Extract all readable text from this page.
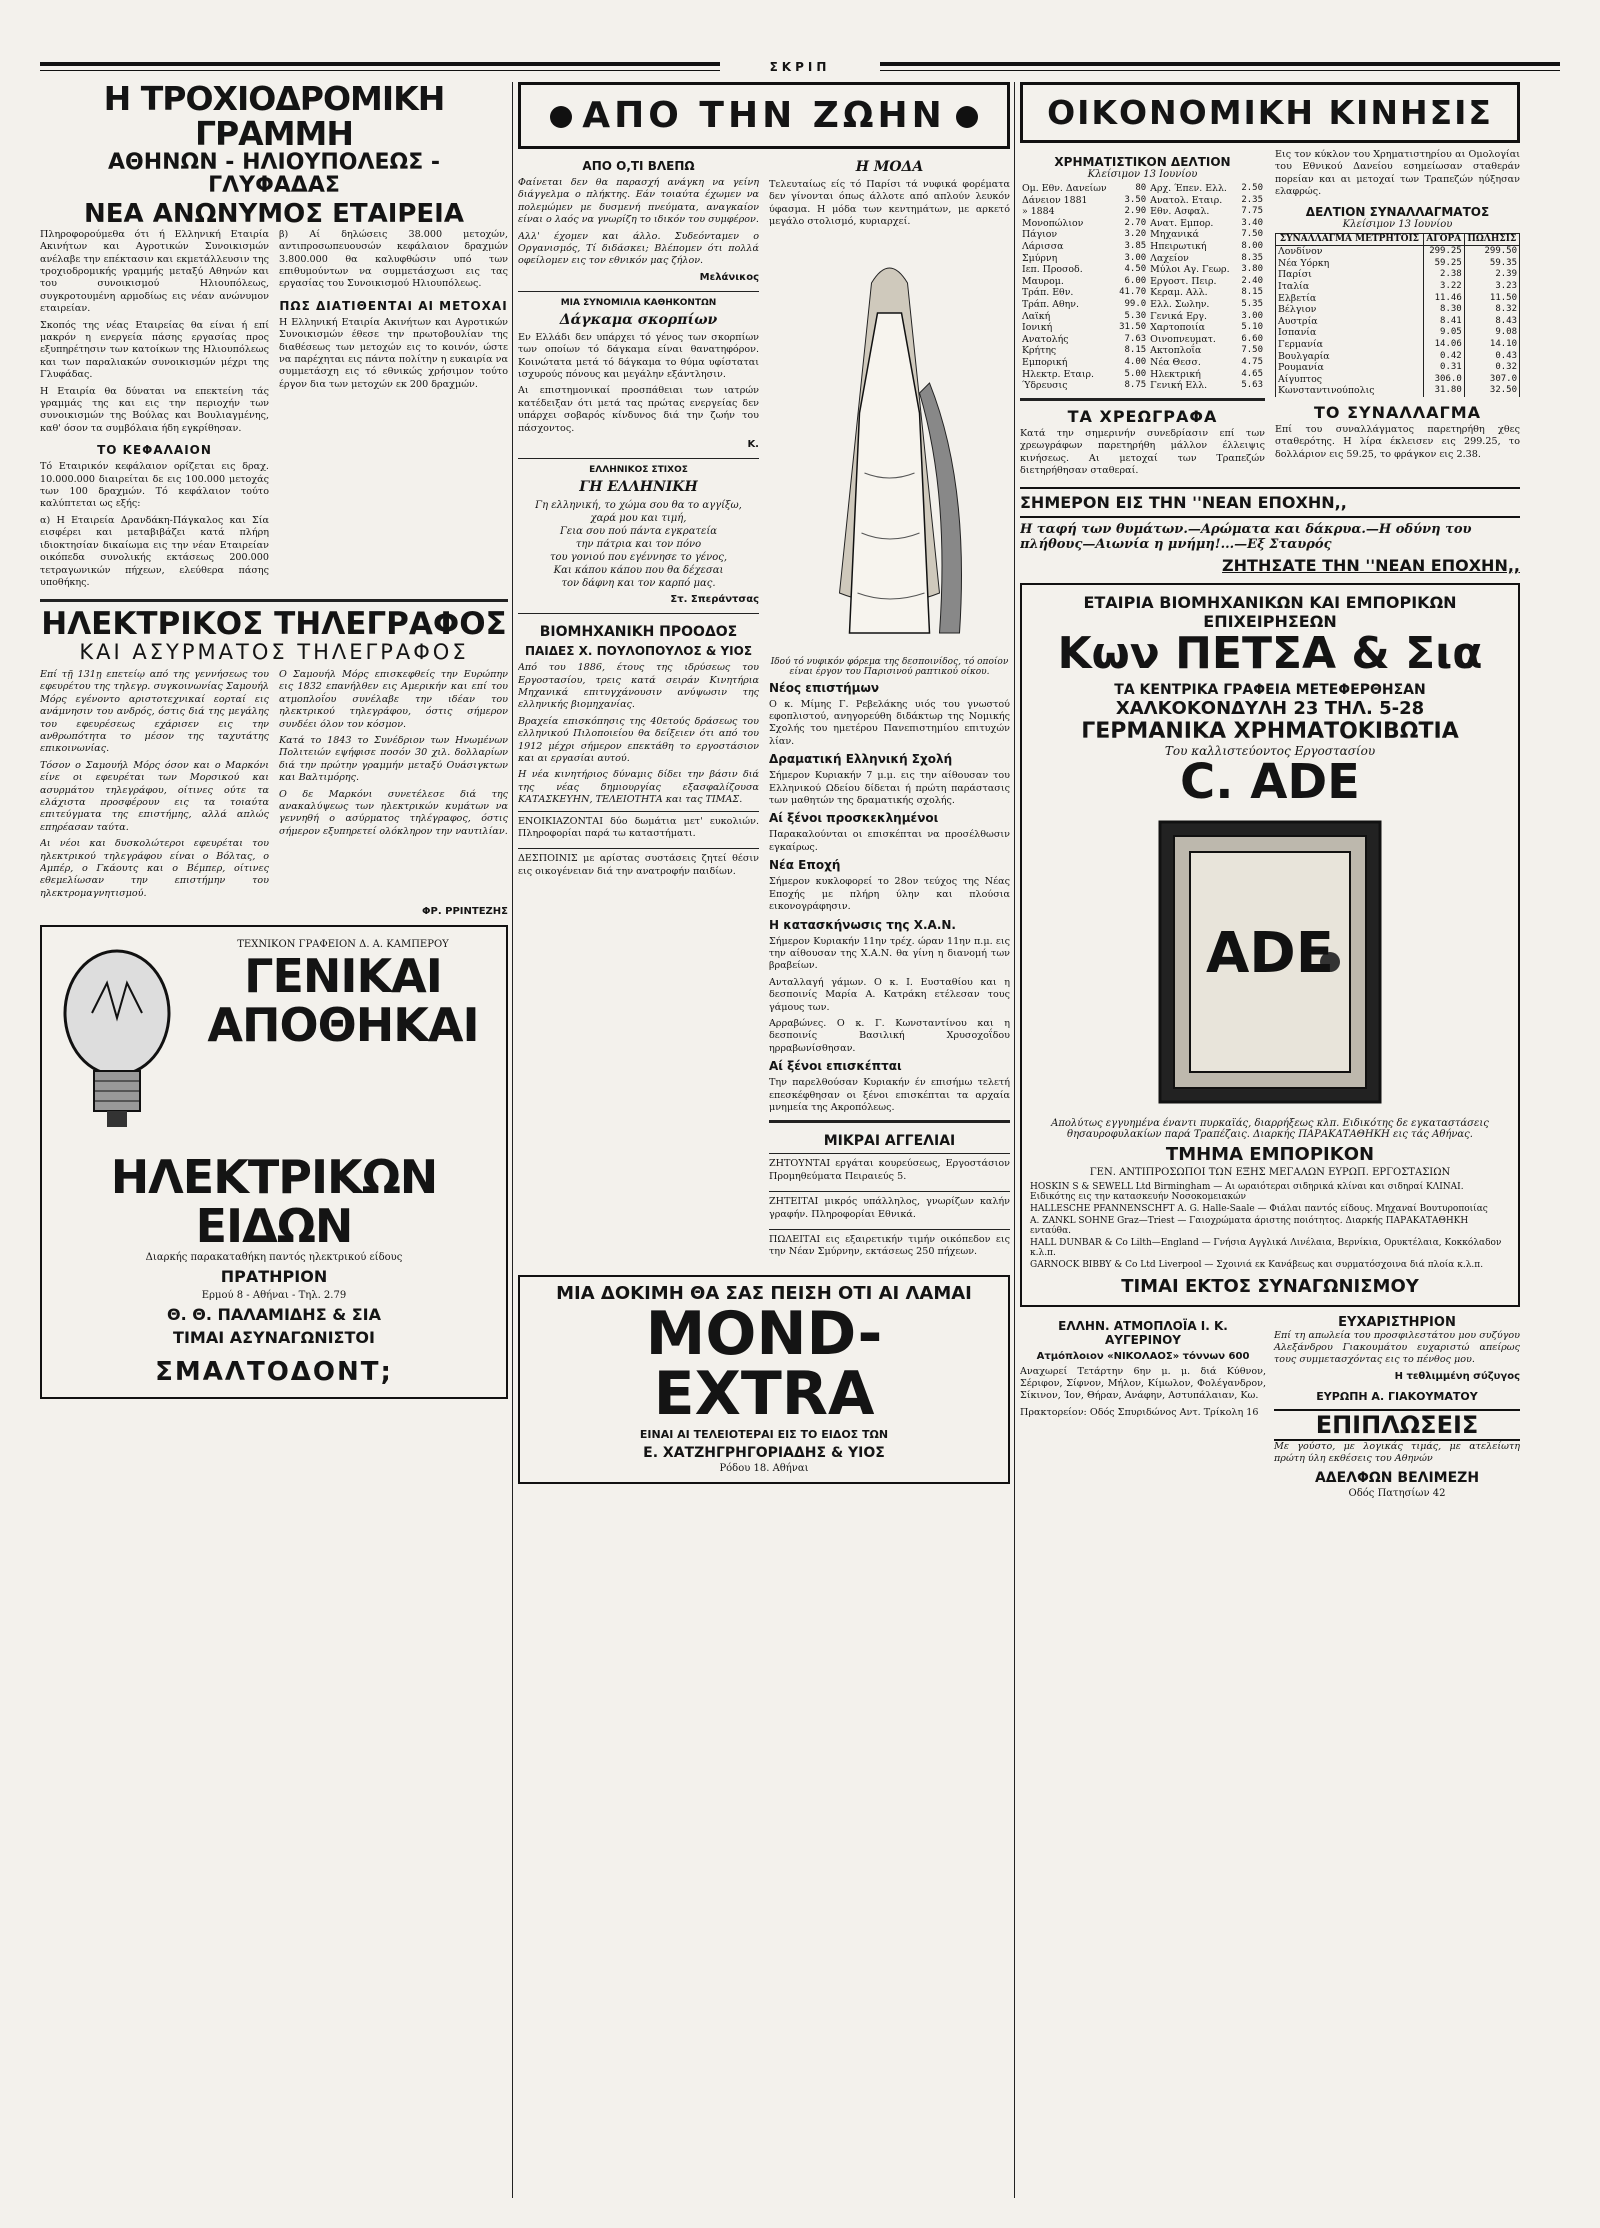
ΣΚΡΙΠ
Η ΤΡΟΧΙΟΔΡΟΜΙΚΗ ΓΡΑΜΜΗ
ΑΘΗΝΩΝ - ΗΛΙΟΥΠΟΛΕΩΣ - ΓΛΥΦΑΔΑΣ
ΝΕΑ ΑΝΩΝΥΜΟΣ ΕΤΑΙΡΕΙΑ

Πληροφορούμεθα ότι ή Ελληνική Εταιρία Ακινήτων και Αγροτικών Συνοικισμών ανέλαβε την επέκτασιν και εκμετάλλευσιν της τροχιοδρομικής γραμμής μεταξύ Αθηνών και του συνοικισμού Ηλιουπόλεως, συγκροτουμένη αρμοδίως εις νέαν ανώνυμον εταιρείαν.

Σκοπός της νέας Εταιρείας θα είναι ή επί μακρόν η ενεργεία πάσης εργασίας προς εξυπηρέτησιν των κατοίκων της Ηλιουπόλεως και των παραλιακών συνοικισμών μέχρι της Γλυφάδας.

Η Εταιρία θα δύναται να επεκτείνη τάς γραμμάς της και εις την περιοχήν των συνοικισμών της Βούλας και Βουλιαγμένης, καθ' όσον τα συμβόλαια ήδη εγκρίθησαν.

ΤΟ ΚΕΦΑΛΑΙΟΝ

Τό Εταιρικόν κεφάλαιον ορίζεται εις δραχ. 10.000.000 διαιρείται δε εις 100.000 μετοχάς των 100 δραχμών. Τό κεφάλαιον τούτο καλύπτεται ως εξής:

α) Η Εταιρεία Δρανδάκη-Πάγκαλος και Σία εισφέρει και μεταβιβάζει κατά πλήρη ιδιοκτησίαν δικαίωμα εις την νέαν Εταιρείαν οικόπεδα συνολικής εκτάσεως 200.000 τετραγωνικών πήχεων, ελεύθερα πάσης υποθήκης.

β) Αί δηλώσεις 38.000 μετοχών, αντιπροσωπευουσών κεφάλαιον δραχμών 3.800.000 θα καλυφθώσιν υπό των επιθυμούντων να συμμετάσχωσι εις τας εργασίας του Συνοικισμού Ηλιουπόλεως.

ΠΩΣ ΔΙΑΤΙΘΕΝΤΑΙ ΑΙ ΜΕΤΟΧΑΙ

Η Ελληνική Εταιρία Ακινήτων και Αγροτικών Συνοικισμών έθεσε την πρωτοβουλίαν της διαθέσεως των μετοχών εις το κοινόν, ώστε να παρέχηται εις πάντα πολίτην η ευκαιρία να συμμετάσχη εις τό εθνικώς χρήσιμον τούτο έργον δια των μετοχών εκ 200 δραχμών.

ΗΛΕΚΤΡΙΚΟΣ ΤΗΛΕΓΡΑΦΟΣ
ΚΑΙ ΑΣΥΡΜΑΤΟΣ ΤΗΛΕΓΡΑΦΟΣ

Επί τῇ 131ῃ επετείῳ από της γεννήσεως του εφευρέτου της τηλεγρ. συγκοινωνίας Σαμουήλ Μόρς εγένοντο αριστοτεχνικαί εορταί εις ανάμνησιν του ανδρός, όστις διά της μεγάλης του εφευρέσεως εχάρισεν εις την ανθρωπότητα το μέσον της ταχυτάτης επικοινωνίας.

Τόσον ο Σαμουήλ Μόρς όσον και ο Μαρκόνι είνε οι εφευρέται των Μορσικού και ασυρμάτου τηλεγράφου, οίτινες ούτε τα ελάχιστα προσφέρουν εις τα τοιαύτα επιτεύγματα της επιστήμης, αλλά απλώς επηρέασαν ταύτα.

Αι νέοι και δυσκολώτεροι εφευρέται του ηλεκτρικού τηλεγράφου είναι ο Βόλτας, ο Αμπέρ, ο Γκάουτς και ο Βέμπερ, οίτινες εθεμελίωσαν την επιστήμην του ηλεκτρομαγνητισμού.

Ο Σαμουήλ Μόρς επισκεφθείς την Ευρώπην εις 1832 επανήλθεν εις Αμερικήν και επί του ατμοπλοΐου συνέλαβε την ιδέαν του ηλεκτρικού τηλεγράφου, όστις σήμερον συνδέει όλον τον κόσμον.

Κατά το 1843 το Συνέδριον των Ηνωμένων Πολιτειών εψήφισε ποσόν 30 χιλ. δολλαρίων διά την πρώτην γραμμήν μεταξύ Ουάσιγκτων και Βαλτιμόρης.

Ο δε Μαρκόνι συνετέλεσε διά της ανακαλύψεως των ηλεκτρικών κυμάτων να γεννηθή ο ασύρματος τηλέγραφος, όστις σήμερον εξυπηρετεί ολόκληρον την ναυτιλίαν.

ΦΡ. ΡΡΙΝΤΕΖΗΣ
ΤΕΧΝΙΚΟΝ ΓΡΑΦΕΙΟΝ Δ. Α. ΚΑΜΠΕΡΟΥ
ΓΕΝΙΚΑΙ ΑΠΟΘΗΚΑΙ
ΗΛΕΚΤΡΙΚΩΝ ΕΙΔΩΝ
Διαρκής παρακαταθήκη παντός ηλεκτρικού είδους
ΠΡΑΤΗΡΙΟΝ
Ερμού 8 - Αθήναι - Τηλ. 2.79
Θ. Θ. ΠΑΛΑΜΙΔΗΣ & ΣΙΑ
ΤΙΜΑΙ ΑΣΥΝΑΓΩΝΙΣΤΟΙ
ΣΜΑΛΤΟΔΟΝΤ;
ΑΠΟ ΤΗΝ ΖΩΗΝ
ΑΠΟ Ο,ΤΙ ΒΛΕΠΩ

Φαίνεται δεν θα παρασχή ανάγκη να γείνη διάγγελμα ο πλήκτης. Εάν τοιαύτα έχωμεν να πολεμώμεν με δυσμενή πνεύματα, αναγκαίον είναι ο λαός να γνωρίζη το ιδικόν του συμφέρον.

Αλλ' έχομεν και άλλο. Συδεόνταμεν ο Οργανισμός, Τί διδάσκει; Βλέπομεν ότι πολλά οφείλομεν εις τον εθνικόν μας ζήλον.

Μελάνικος
ΜΙΑ ΣΥΝΟΜΙΛΙΑ ΚΑΘΗΚΟΝΤΩΝ
Δάγκαμα σκορπίων

Εν Ελλάδι δεν υπάρχει τό γένος των σκορπίων των οποίων τό δάγκαμα είναι θανατηφόρον. Κοινώτατα μετά τό δάγκαμα το θύμα υφίσταται ισχυρούς πόνους και μεγάλην εξάντλησιν.

Αι επιστημονικαί προσπάθειαι των ιατρών κατέδειξαν ότι μετά τας πρώτας ενεργείας δεν υπάρχει σοβαρός κίνδυνος διά την ζωήν του πάσχοντος.

Κ.
ΕΛΛΗΝΙΚΟΣ ΣΤΙΧΟΣ
ΓΗ ΕΛΛΗΝΙΚΗ
Γη ελληνική, το χώμα σου θα το αγγίξω,
χαρά μου και τιμή,
Γεια σου πού πάντα εγκρατεία
την πάτρια και τον πόνο
του γονιού που εγέννησε το γένος,
Και κάπου κάπου που θα δέχεσαι
τον δάφνη και τον καρπό μας.
Στ. Σπεράντσας
ΒΙΟΜΗΧΑΝΙΚΗ ΠΡΟΟΔΟΣ
ΠΑΙΔΕΣ Χ. ΠΟΥΛΟΠΟΥΛΟΣ & ΥΙΟΣ

Από του 1886, έτους της ιδρύσεως του Εργοστασίου, τρεις κατά σειράν Κινητήρια Μηχανικά επιτυγχάνουσιν ανύψωσιν της ελληνικής βιομηχανίας.

Βραχεία επισκόπησις της 40ετούς δράσεως του ελληνικού Πιλοποιείου θα δείξειεν ότι από του 1912 μέχρι σήμερον επεκτάθη το εργοστάσιον και αι εργασίαι αυτού.

Η νέα κινητήριος δύναμις δίδει την βάσιν διά της νέας δημιουργίας εξασφαλίζουσα ΚΑΤΑΣΚΕΥΗΝ, ΤΕΛΕΙΟΤΗΤΑ και τας ΤΙΜΑΣ.

ΕΝΟΙΚΙΑΖΟΝΤΑΙ δύο δωμάτια μετ' ευκολιών. Πληροφορίαι παρά τω καταστήματι.

ΔΕΣΠΟΙΝΙΣ με αρίστας συστάσεις ζητεί θέσιν εις οικογένειαν διά την ανατροφήν παιδίων.

Η ΜΟΔΑ

Τελευταίως είς τό Παρίσι τά νυφικά φορέματα δεν γίνονται όπως άλλοτε από απλούν λευκόν ύφασμα. Η μόδα των κεντημάτων, με αρκετό μεγάλο στολισμό, κυριαρχεί.

Ιδού τό νυφικόν φόρεμα της δεσποινίδος, τό οποίον είναι έργον του Παρισινού ραπτικού οίκου.
Νέος επιστήμων

Ο κ. Μίμης Γ. Ρεβελάκης υιός του γνωστού εφοπλιστού, ανηγορεύθη διδάκτωρ της Νομικής Σχολής του ημετέρου Πανεπιστημίου επιτυχών λίαν.

Δραματική Ελληνική Σχολή

Σήμερον Κυριακήν 7 μ.μ. εις την αίθουσαν του Ελληνικού Ωδείου δίδεται ή πρώτη παράστασις των μαθητών της δραματικής σχολής.

Αί ξένοι προσκεκλημένοι

Παρακαλούνται οι επισκέπται να προσέλθωσιν εγκαίρως.

Νέα Εποχή

Σήμερον κυκλοφορεί το 28ον τεύχος της Νέας Εποχής με πλήρη ύλην και πλούσια εικονογράφησιν.

Η κατασκήνωσις της Χ.Α.Ν.

Σήμερον Κυριακήν 11ην τρέχ. ώραν 11ην π.μ. εις την αίθουσαν της Χ.Α.Ν. θα γίνη η διανομή των βραβείων.

Ανταλλαγή γάμων. Ο κ. Ι. Ευσταθίου και η δεσποινίς Μαρία Α. Κατράκη ετέλεσαν τους γάμους των.

Αρραβώνες. Ο κ. Γ. Κωνσταντίνου και η δεσποινίς Βασιλική Χρυσοχοΐδου ηρραβωνίσθησαν.

Αί ξένοι επισκέπται

Την παρελθούσαν Κυριακήν έν επισήμω τελετή επεσκέφθησαν οι ξένοι επισκέπται τα αρχαία μνημεία της Ακροπόλεως.

ΜΙΚΡΑΙ ΑΓΓΕΛΙΑΙ

ΖΗΤΟΥΝΤΑΙ εργάται κουρεύσεως, Εργοστάσιον Προμηθεύματα Πειραιεύς 5.

ΖΗΤΕΙΤΑΙ μικρός υπάλληλος, γνωρίζων καλήν γραφήν. Πληροφορίαι Εθνικά.

ΠΩΛΕΙΤΑΙ εις εξαιρετικήν τιμήν οικόπεδον εις την Νέαν Σμύρνην, εκτάσεως 250 πήχεων.

ΜΙΑ ΔΟΚΙΜΗ ΘΑ ΣΑΣ ΠΕΙΣΗ ΟΤΙ ΑΙ ΛΑΜΑΙ
MOND-
EXTRA
ΕΙΝΑΙ ΑΙ ΤΕΛΕΙΟΤΕΡΑΙ ΕΙΣ ΤΟ ΕΙΔΟΣ ΤΩΝ
Ε. ΧΑΤΖΗΓΡΗΓΟΡΙΑΔΗΣ & ΥΙΟΣ
Ρόδου 18. Αθήναι
ΟΙΚΟΝΟΜΙΚΗ ΚΙΝΗΣΙΣ
ΧΡΗΜΑΤΙΣΤΙΚΟΝ ΔΕΛΤΙΟΝ
Κλείσιμον 13 Ιουνίου
Ομ. Εθν. Δανείων	80	Αρχ. Έπεν. Ελλ.	2.50
Δάνειον 1881	3.50	Ανατολ. Εταιρ.	2.35
» 1884	2.90	Εθν. Ασφαλ.	7.75
Μονοπώλιον	2.70	Ανατ. Εμπορ.	3.40
Πάγιον	3.20	Μηχανικά	7.50
Λάρισσα	3.85	Ηπειρωτική	8.00
Σμύρνη	3.00	Λαχείον	8.35
Ιεπ. Προσοδ.	4.50	Μύλοι Αγ. Γεωρ.	3.80
Μαυρομ.	6.00	Εργοστ. Πειρ.	2.40
Τράπ. Εθν.	41.70	Κεραμ. Αλλ.	8.15
Τράπ. Αθην.	99.0	Ελλ. Σωλην.	5.35
Λαϊκή	5.30	Γενικά Εργ.	3.00
Ιονική	31.50	Χαρτοποιία	5.10
Ανατολής	7.63	Οινοπνευματ.	6.60
Κρήτης	8.15	Ακτοπλοΐα	7.50
Εμπορική	4.00	Νέα Θεσσ.	4.75
Ηλεκτρ. Εταιρ.	5.00	Ηλεκτρική	4.65
Ύδρευσις	8.75	Γενική Ελλ.	5.63
ΤΑ ΧΡΕΩΓΡΑΦΑ

Κατά την σημερινήν συνεδρίασιν επί των χρεωγράφων παρετηρήθη μάλλον έλλειψις κινήσεως. Αι μετοχαί των Τραπεζών διετηρήθησαν σταθεραί.

Εις τον κύκλον του Χρηματιστηρίου αι Ομολογίαι του Εθνικού Δανείου εσημείωσαν σταθεράν πορείαν και αι μετοχαί των Τραπεζών ηύξησαν ελαφρώς.

ΔΕΛΤΙΟΝ ΣΥΝΑΛΛΑΓΜΑΤΟΣ
Κλείσιμον 13 Ιουνίου
ΣΥΝΑΛΛΑΓΜΑ ΜΕΤΡΗΤΟΙΣ	ΑΓΟΡΑ	ΠΩΛΗΣΙΣ
Λονδίνον	299.25	299.50
Νέα Υόρκη	59.25	59.35
Παρίσι	2.38	2.39
Ιταλία	3.22	3.23
Ελβετία	11.46	11.50
Βέλγιον	8.30	8.32
Αυστρία	8.41	8.43
Ισπανία	9.05	9.08
Γερμανία	14.06	14.10
Βουλγαρία	0.42	0.43
Ρουμανία	0.31	0.32
Αίγυπτος	306.0	307.0
Κωνσταντινούπολις	31.80	32.50
ΤΟ ΣΥΝΑΛΛΑΓΜΑ

Επί του συναλλάγματος παρετηρήθη χθες σταθερότης. Η λίρα έκλεισεν εις 299.25, το δολλάριον εις 59.25, το φράγκον εις 2.38.

ΣΗΜΕΡΟΝ ΕΙΣ ΤΗΝ ''ΝΕΑΝ ΕΠΟΧΗΝ,,
Η ταφή των θυμάτων.—Αρώματα και δάκρυα.—Η οδύνη του πλήθους—Αιωνία η μνήμη!...—Εξ Σταυρός
ΖΗΤΗΣΑΤΕ ΤΗΝ ''ΝΕΑΝ ΕΠΟΧΗΝ,,
ΕΤΑΙΡΙΑ ΒΙΟΜΗΧΑΝΙΚΩΝ ΚΑΙ ΕΜΠΟΡΙΚΩΝ ΕΠΙΧΕΙΡΗΣΕΩΝ
Κων ΠΕΤΣΑ & Σια
ΤΑ ΚΕΝΤΡΙΚΑ ΓΡΑΦΕΙΑ ΜΕΤΕΦΕΡΘΗΣΑΝ
ΧΑΛΚΟΚΟΝΔΥΛΗ 23 ΤΗΛ. 5-28
ΓΕΡΜΑΝΙΚΑ ΧΡΗΜΑΤΟΚΙΒΩΤΙΑ
Του καλλιστεύοντος Εργοστασίου
C. ADE
ADE
Απολύτως εγγυημένα έναντι πυρκαϊάς, διαρρήξεως κλπ. Ειδικότης δε εγκαταστάσεις θησαυροφυλακίων παρά Τραπέζαις. Διαρκής ΠΑΡΑΚΑΤΑΘΗΚΗ εις τάς Αθήνας.
ΤΜΗΜΑ ΕΜΠΟΡΙΚΟΝ
ΓΕΝ. ΑΝΤΙΠΡΟΣΩΠΟΙ ΤΩΝ ΕΞΗΣ ΜΕΓΑΛΩΝ ΕΥΡΩΠ. ΕΡΓΟΣΤΑΣΙΩΝ
HOSKIN S & SEWELL Ltd Birmingham — Αι ωραιότεραι σιδηρικά κλίναι και σιδηραί ΚΛΙΝΑΙ. Ειδικότης εις την κατασκευήν Νοσοκομειακών
HALLESCHE PFANNENSCHFT A. G. Halle-Saale — Φιάλαι παντός είδους. Μηχαναί Βουτυροποιίας
A. ZANKL SOHNE Graz—Triest — Γαιοχρώματα άριστης ποιότητος. Διαρκής ΠΑΡΑΚΑΤΑΘΗΚΗ ενταύθα.
HALL DUNBAR & Co Lilth—England — Γνήσια Αγγλικά Λινέλαια, Βερνίκια, Ορυκτέλαια, Κοκκόλαδον κ.λ.π.
GARNOCK BIBBY & Co Ltd Liverpool — Σχοινιά εκ Κανάβεως και συρματόσχοινα διά πλοία κ.λ.π.
ΤΙΜΑΙ ΕΚΤΟΣ ΣΥΝΑΓΩΝΙΣΜΟΥ
ΕΛΛΗΝ. ΑΤΜΟΠΛΟΪΑ Ι. Κ. ΑΥΓΕΡΙΝΟΥ
Ατμόπλοιον «ΝΙΚΟΛΑΟΣ» τόννων 600

Αναχωρεί Τετάρτην 6ην μ. μ. διά Κύθνον, Σέριφον, Σίφνον, Μήλον, Κίμωλον, Φολέγανδρον, Σίκινον, Ίον, Θήραν, Ανάφην, Αστυπάλαιαν, Κω.

Πρακτορείον: Οδός Σπυριδώνος Αντ. Τρίκολη 16

ΕΥΧΑΡΙΣΤΗΡΙΟΝ

Επί τη απωλεία του προσφιλεστάτου μου συζύγου Αλεξάνδρου Γιακουμάτου ευχαριστώ απείρως τους συμμετασχόντας εις το πένθος μου.

Η τεθλιμμένη σύζυγος
ΕΥΡΩΠΗ Α. ΓΙΑΚΟΥΜΑΤΟΥ
ΕΠΙΠΛΩΣΕΙΣ

Με γούστο, με λογικάς τιμάς, με ατελείωτη πρώτη ύλη εκθέσεις του Αθηνών

ΑΔΕΛΦΩΝ ΒΕΛΙΜΕΖΗ
Οδός Πατησίων 42
